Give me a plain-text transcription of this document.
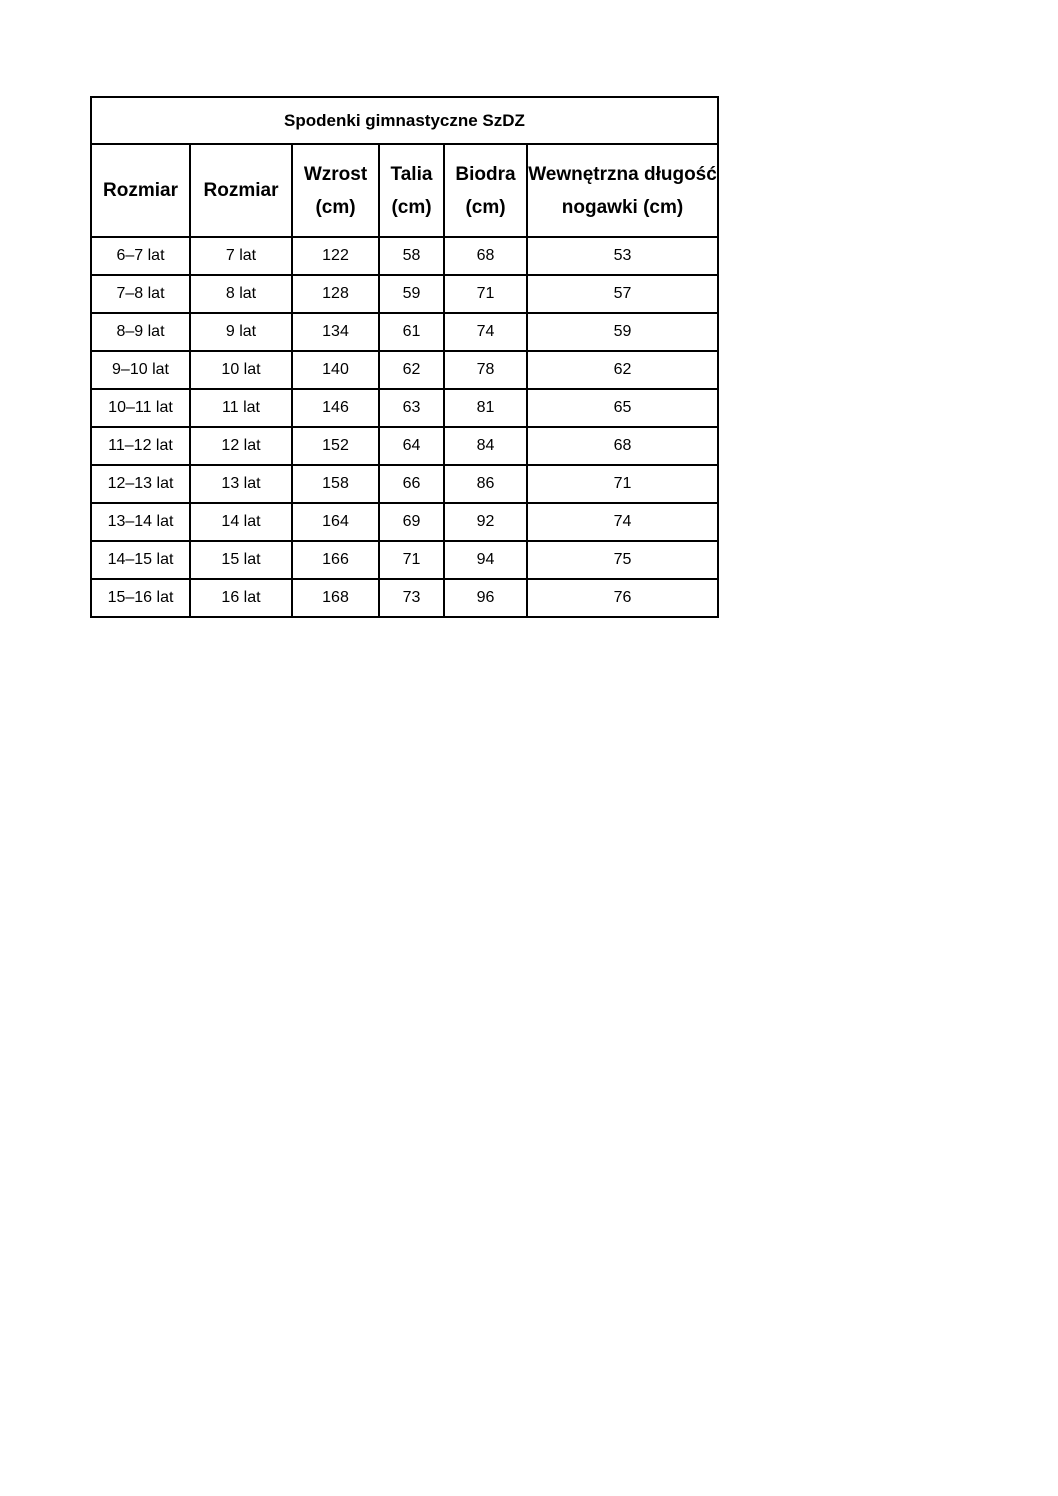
Spodenki gimnastyczne SzDZ					
Rozmiar	Rozmiar	Wzrost (cm)	Talia (cm)	Biodra (cm)	Wewnętrzna długość nogawki (cm)
6–7 lat	7 lat	122	58	68	53
7–8 lat	8 lat	128	59	71	57
8–9 lat	9 lat	134	61	74	59
9–10 lat	10 lat	140	62	78	62
10–11 lat	11 lat	146	63	81	65
11–12 lat	12 lat	152	64	84	68
12–13 lat	13 lat	158	66	86	71
13–14 lat	14 lat	164	69	92	74
14–15 lat	15 lat	166	71	94	75
15–16 lat	16 lat	168	73	96	76
